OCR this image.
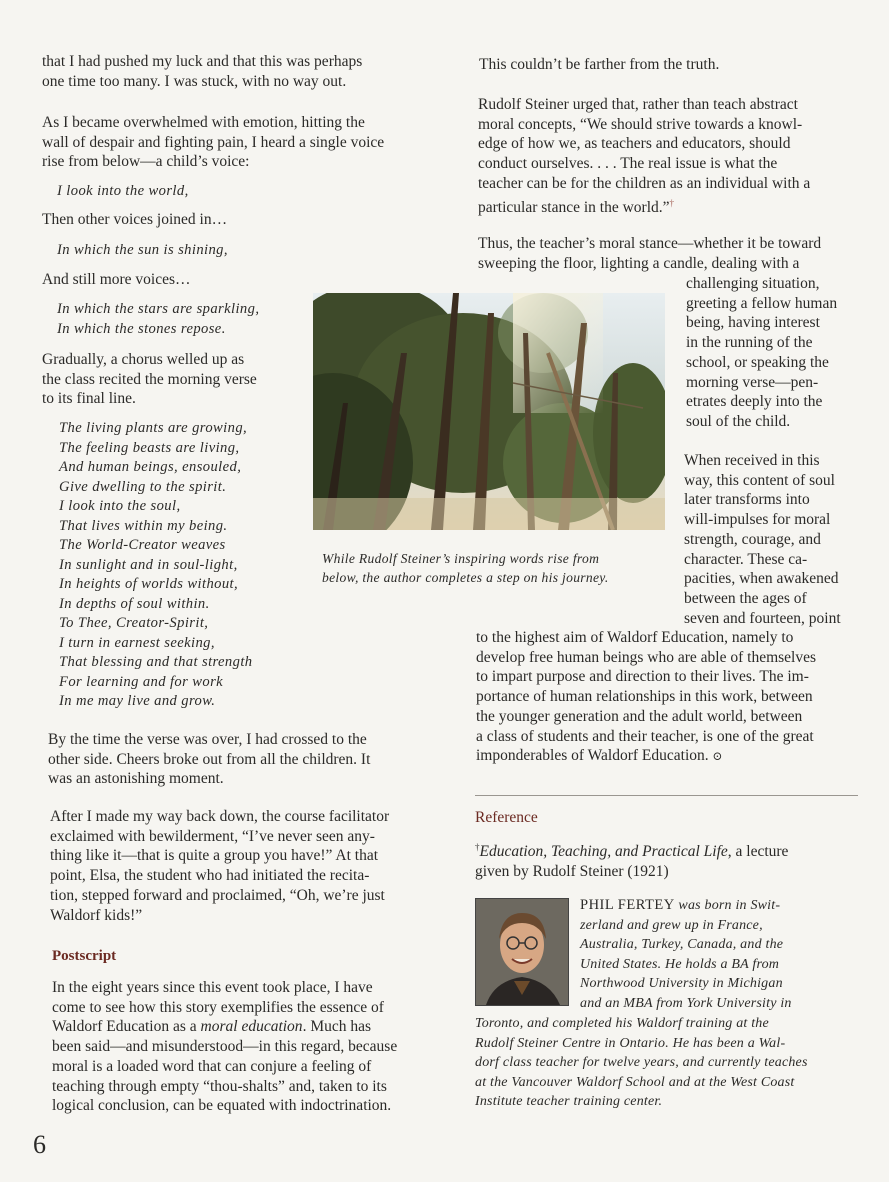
that I had pushed my luck and that this was perhaps
one time too many. I was stuck, with no way out.
As I became overwhelmed with emotion, hitting the
wall of despair and fighting pain, I heard a single voice
rise from below—a child’s voice:
I look into the world,
Then other voices joined in…
In which the sun is shining,
And still more voices…
In which the stars are sparkling,
In which the stones repose.
Gradually, a chorus welled up as
the class recited the morning verse
to its final line.
The living plants are growing,
The feeling beasts are living,
And human beings, ensouled,
Give dwelling to the spirit.
I look into the soul,
That lives within my being.
The World-Creator weaves
In sunlight and in soul-light,
In heights of worlds without,
In depths of soul within.
To Thee, Creator-Spirit,
I turn in earnest seeking,
That blessing and that strength
For learning and for work
In me may live and grow.
By the time the verse was over, I had crossed to the
other side. Cheers broke out from all the children. It
was an astonishing moment.
After I made my way back down, the course facilitator
exclaimed with bewilderment, “I’ve never seen any-
thing like it—that is quite a group you have!” At that
point, Elsa, the student who had initiated the recita-
tion, stepped forward and proclaimed, “Oh, we’re just
Waldorf kids!”
Postscript
In the eight years since this event took place, I have
come to see how this story exemplifies the essence of
Waldorf Education as a moral education. Much has
been said—and misunderstood—in this regard, because
moral is a loaded word that can conjure a feeling of
teaching through empty “thou-shalts” and, taken to its
logical conclusion, can be equated with indoctrination.
This couldn’t be farther from the truth.
Rudolf Steiner urged that, rather than teach abstract
moral concepts, “We should strive towards a knowl-
edge of how we, as teachers and educators, should
conduct ourselves. . . . The real issue is what the
teacher can be for the children as an individual with a
particular stance in the world.”†
Thus, the teacher’s moral stance—whether it be toward
sweeping the floor, lighting a candle, dealing with a
challenging situation,
greeting a fellow human
being, having interest
in the running of the
school, or speaking the
morning verse—pen-
etrates deeply into the
soul of the child.
When received in this
way, this content of soul
later transforms into
will-impulses for moral
strength, courage, and
character. These ca-
pacities, when awakened
between the ages of
seven and fourteen, point
to the highest aim of Waldorf Education, namely to
develop free human beings who are able of themselves
to impart purpose and direction to their lives. The im-
portance of human relationships in this work, between
the younger generation and the adult world, between
a class of students and their teacher, is one of the great
imponderables of Waldorf Education. ⊙
While Rudolf Steiner’s inspiring words rise from
below, the author completes a step on his journey.
Reference
†Education, Teaching, and Practical Life, a lecture
given by Rudolf Steiner (1921)
PHIL FERTEY was born in Swit-
zerland and grew up in France,
Australia, Turkey, Canada, and the
United States. He holds a BA from
Northwood University in Michigan
and an MBA from York University in
Toronto, and completed his Waldorf training at the
Rudolf Steiner Centre in Ontario. He has been a Wal-
dorf class teacher for twelve years, and currently teaches
at the Vancouver Waldorf School and at the West Coast
Institute teacher training center.
6
